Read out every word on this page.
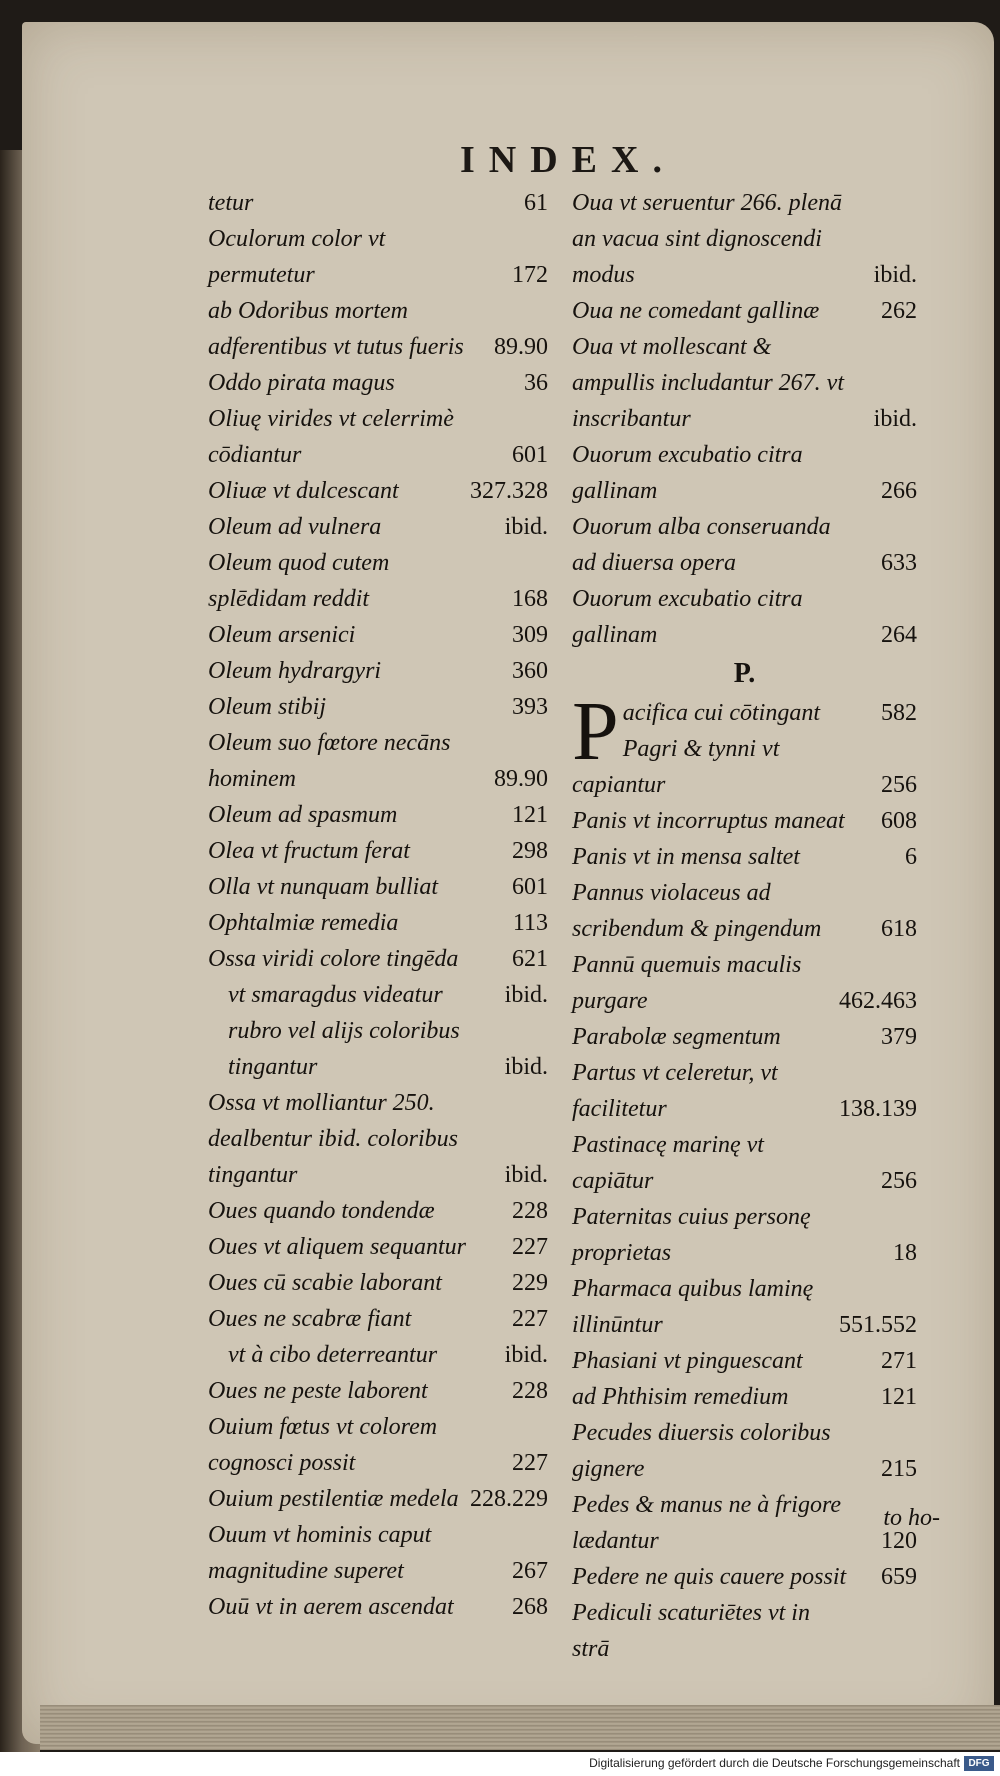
INDEX.
tetur	61
Oculorum color vt permutetur	172
ab Odoribus mortem adferentibus vt tutus fueris	89.90
Oddo pirata magus	36
Oliuę virides vt celerrimè cōdiantur	601
Oliuæ vt dulcescant	327.328
Oleum ad vulnera	ibid.
Oleum quod cutem splēdidam reddit	168
Oleum arsenici	309
Oleum hydrargyri	360
Oleum stibij	393
Oleum suo fœtore necāns hominem	89.90
Oleum ad spasmum	121
Olea vt fructum ferat	298
Olla vt nunquam bulliat	601
Ophtalmiæ remedia	113
Ossa viridi colore tingēda	621
vt smaragdus videatur	ibid.
rubro vel alijs coloribus tingantur	ibid.
Ossa vt molliantur 250. dealbentur ibid. coloribus tingantur	ibid.
Oues quando tondendæ	228
Oues vt aliquem sequantur	227
Oues cū scabie laborant	229
Oues ne scabræ fiant	227
vt à cibo deterreantur	ibid.
Oues ne peste laborent	228
Ouium fœtus vt colorem cognosci possit	227
Ouium pestilentiæ medela 228.229
Ouum vt hominis caput magnitudine superet	267
Ouū vt in aerem ascendat	268
Oua vt seruentur 266. plenā an vacua sint dignoscendi modus	ibid.
Oua ne comedant gallinæ	262
Oua vt mollescant & ampullis includantur 267. vt inscribantur	ibid.
Ouorum excubatio citra gallinam	266
Ouorum alba conseruanda ad diuersa opera	633
Ouorum excubatio citra gallinam	264
P.
P acifica cui cōtingant	582
Pagri & tynni vt capiantur	256
Panis vt incorruptus maneat	608
Panis vt in mensa saltet	6
Pannus violaceus ad scribendum & pingendum	618
Pannū quemuis maculis purgare	462.463
Parabolæ segmentum	379
Partus vt celeretur, vt facilitetur	138.139
Pastinacę marinę vt capiātur	256
Paternitas cuius personę proprietas	18
Pharmaca quibus laminę illinūntur	551.552
Phasiani vt pinguescant	271
ad Phthisim remedium	121
Pecudes diuersis coloribus gignere	215
Pedes & manus ne à frigore lædantur	120
Pedere ne quis cauere possit	659
Pediculi scaturiētes vt in strā
to ho-
Digitalisierung gefördert durch die Deutsche Forschungsgemeinschaft DFG
